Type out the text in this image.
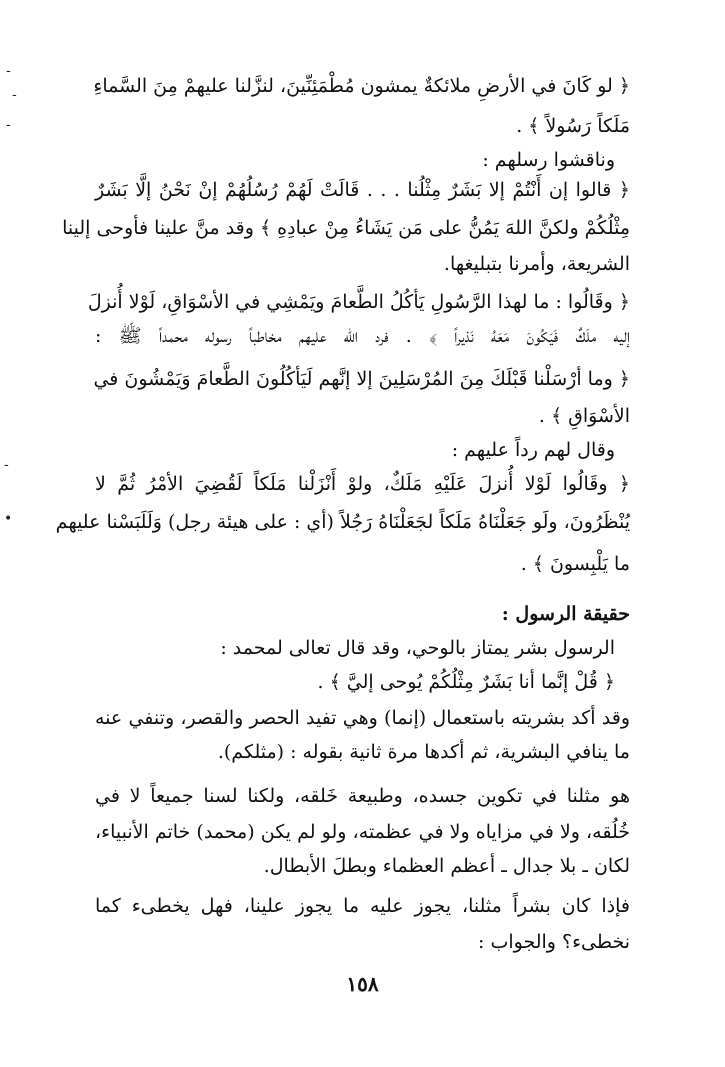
-
-
-
-
•
﴿ لو كَانَ في الأرضِ ملائكةٌ يمشون مُطْمَئِنِّينَ، لنزَّلنا عليهمْ مِنَ السَّماءِ
مَلَكاً رَسُولاً ﴾ .
وناقشوا رسلهم :
﴿ قالوا إن أَنْتُمْ إلا بَشَرٌ مِثْلُنا . . . قَالَتْ لَهُمْ رُسُلُهُمْ إنْ نَحْنُ إلَّا بَشَرٌ
مِثْلُكُمْ ولكنَّ اللهَ يَمُنُّ على مَن يَشَاءُ مِنْ عبادِهِ ﴾ وقد منَّ علينا فأوحى إلينا
الشريعة، وأمرنا بتبليغها.
﴿ وقَالُوا : ما لهذا الرَّسُولِ يَأكُلُ الطَّعامَ ويَمْشِي في الأسْوَاقِ، لَوْلا أُنزلَ
إليه ملَكٌ فَيَكُونَ مَعَهُ نَذيراً ﴾ . فرد الله عليهم مخاطباً رسوله محمداً ﷺ :
﴿ وما أرْسَلْنا قَبْلَكَ مِنَ المُرْسَلِينَ إلا إنَّهم لَيَأكُلُونَ الطَّعامَ وَيَمْشُونَ في
الأسْوَاقِ ﴾ .
وقال لهم رداً عليهم :
﴿ وقَالُوا لَوْلا أُنزلَ عَلَيْهِ مَلَكٌ، ولوْ أَنْزَلْنا مَلَكاً لَقُضِيَ الأمْرُ ثُمَّ لا
يُنْظَرُونَ، ولَو جَعَلْنَاهُ مَلَكاً لجَعَلْنَاهُ رَجُلاً (أي : على هيئة رجل) وَلَلَبَسْنا عليهم
ما يَلْبِسونَ ﴾ .
حقيقة الرسول :
الرسول بشر يمتاز بالوحي، وقد قال تعالى لمحمد :
﴿ قُلْ إنَّما أنا بَشَرٌ مِثْلُكُمْ يُوحى إليَّ ﴾ .
وقد أكد بشريته باستعمال (إنما) وهي تفيد الحصر والقصر، وتنفي عنه
ما ينافي البشرية، ثم أكدها مرة ثانية بقوله : (مثلكم).
هو مثلنا في تكوين جسده، وطبيعة خَلقه، ولكنا لسنا جميعاً لا في
خُلُقه، ولا في مزاياه ولا في عظمته، ولو لم يكن (محمد) خاتم الأنبياء،
لكان ـ بلا جدال ـ أعظم العظماء وبطلَ الأبطال.
فإذا كان بشراً مثلنا، يجوز عليه ما يجوز علينا، فهل يخطىء كما
نخطىء؟ والجواب :
١٥٨
